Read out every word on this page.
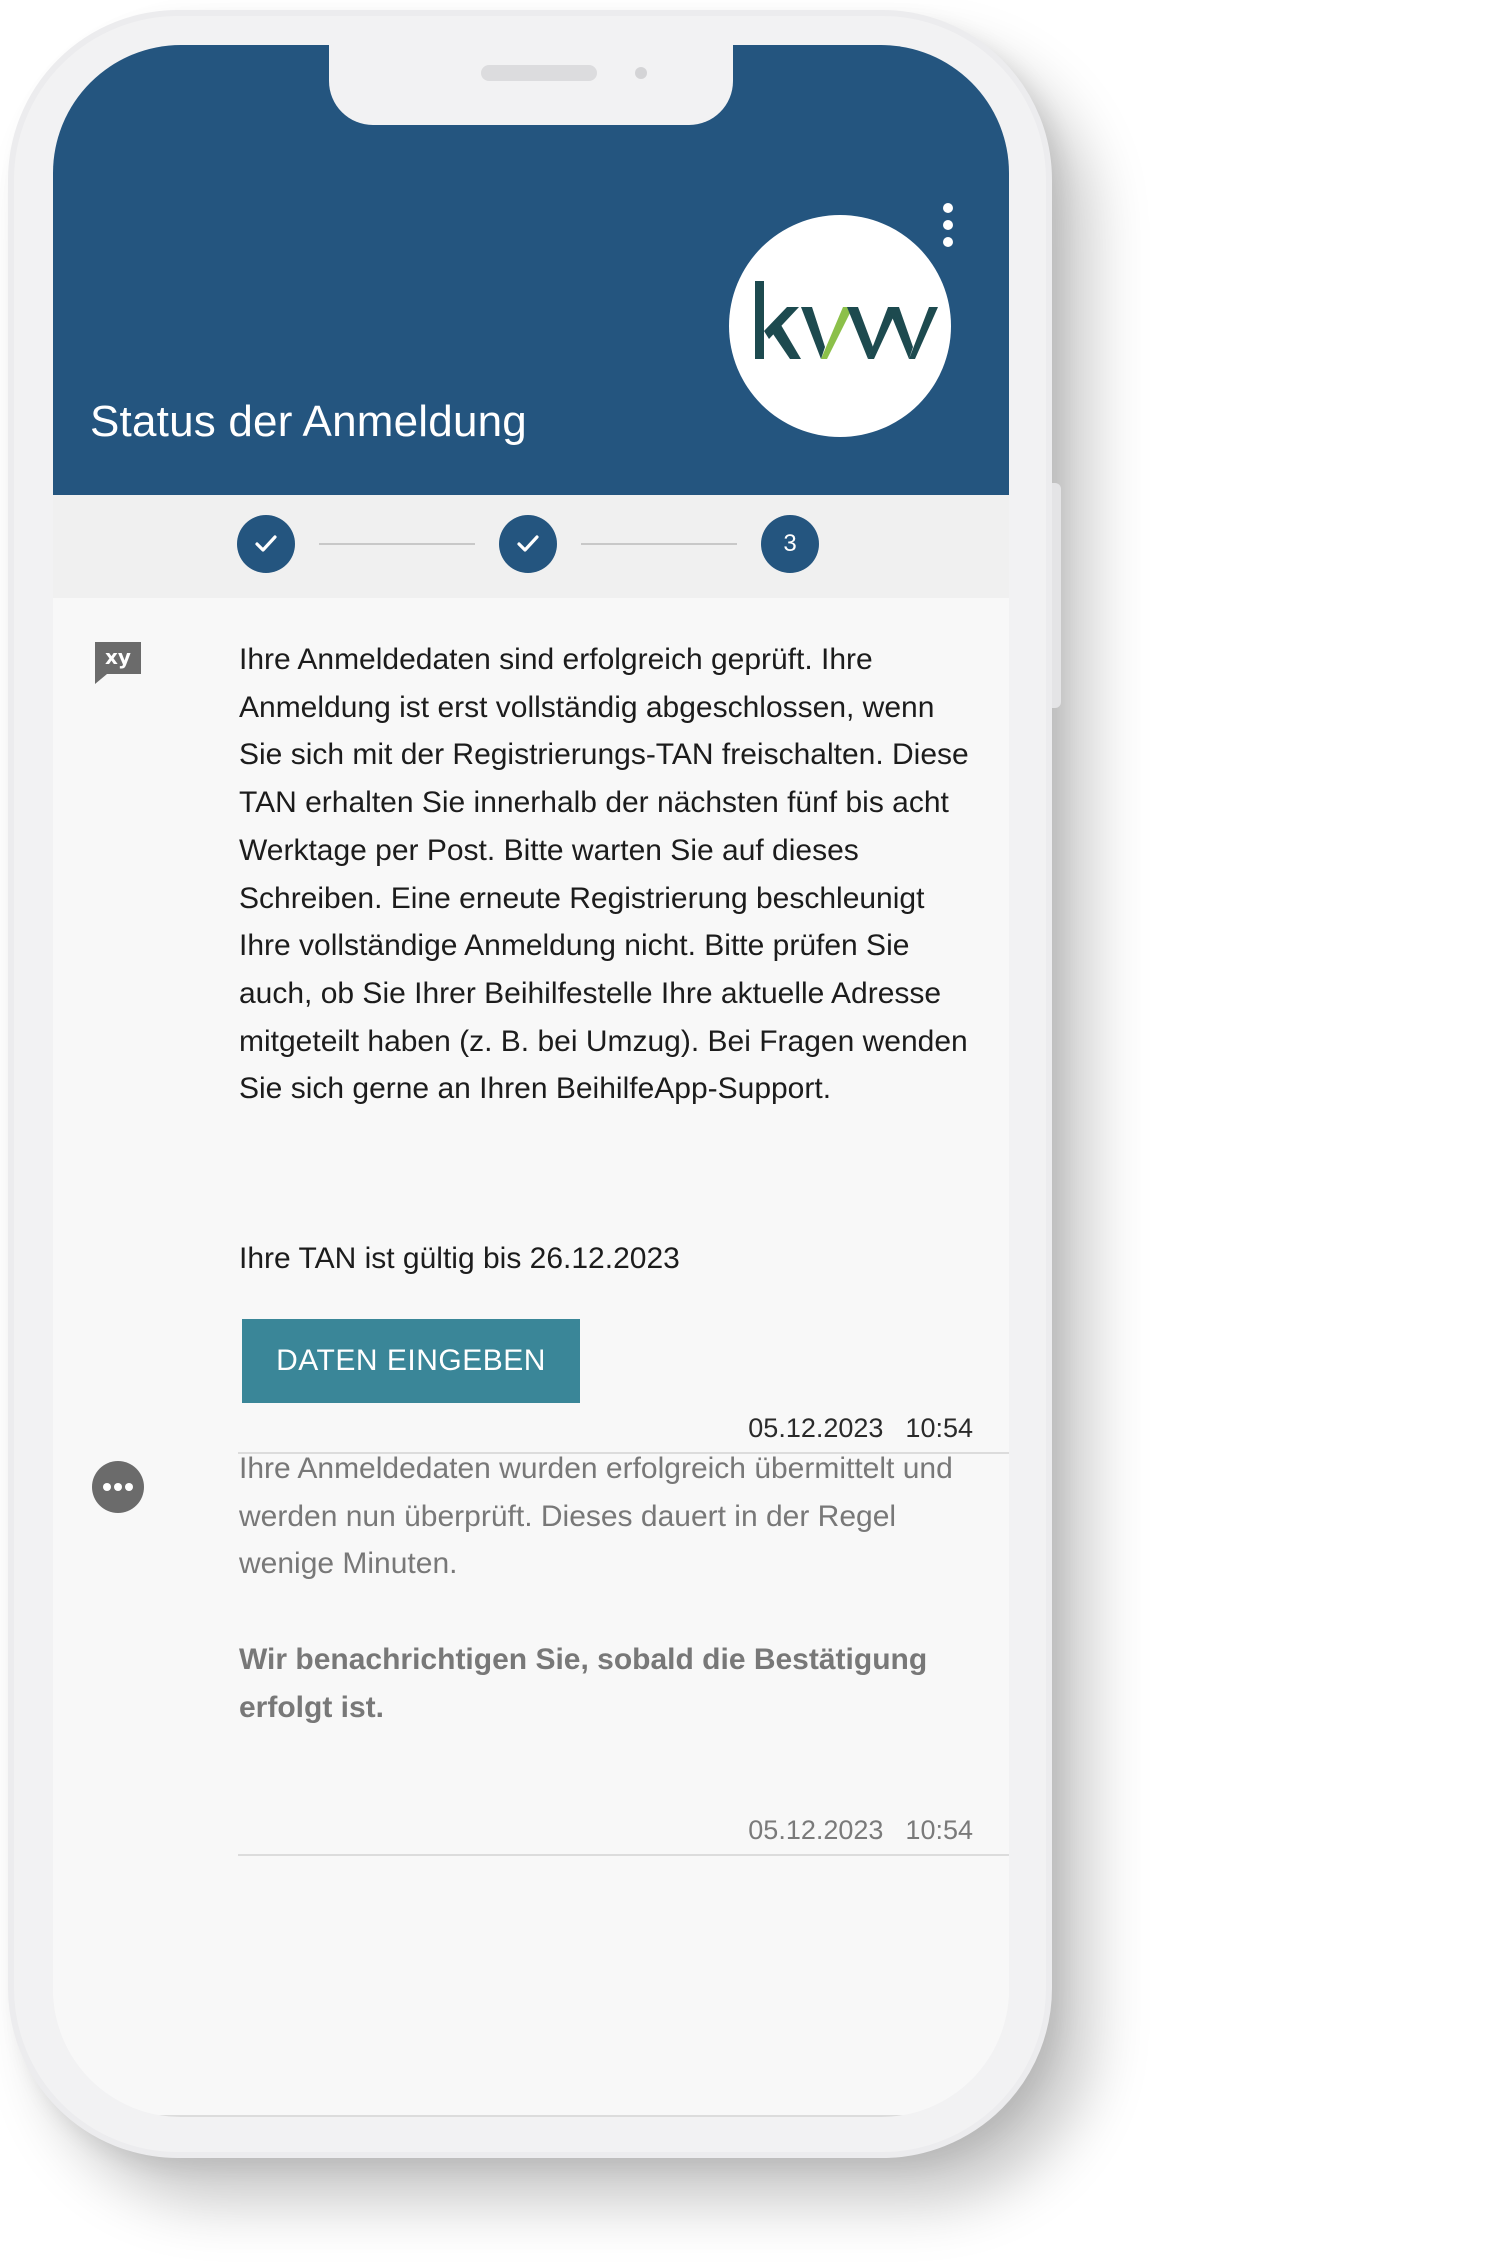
Status der Anmeldung
3
xy	Ihre Anmeldedaten sind erfolgreich geprüft. Ihre Anmeldung ist erst vollständig abgeschlossen, wenn Sie sich mit der Registrierungs-TAN freischalten. Diese TAN erhalten Sie innerhalb der nächsten fünf bis acht Werktage per Post. Bitte warten Sie auf dieses Schreiben. Eine erneute Registrierung beschleunigt Ihre vollständige Anmeldung nicht. Bitte prüfen Sie auch, ob Sie Ihrer Beihilfestelle Ihre aktuelle Adresse mitgeteilt haben (z. B. bei Umzug). Bei Fragen wenden Sie sich gerne an Ihren BeihilfeApp-Support.

Ihre TAN ist gültig bis 26.12.2023

DATEN EINGEBEN
05.12.2023 10:54

Ihre Anmeldedaten wurden erfolgreich übermittelt und werden nun überprüft. Dieses dauert in der Regel wenige Minuten.

Wir benachrichtigen Sie, sobald die Bestätigung erfolgt ist.

05.12.2023 10:54
